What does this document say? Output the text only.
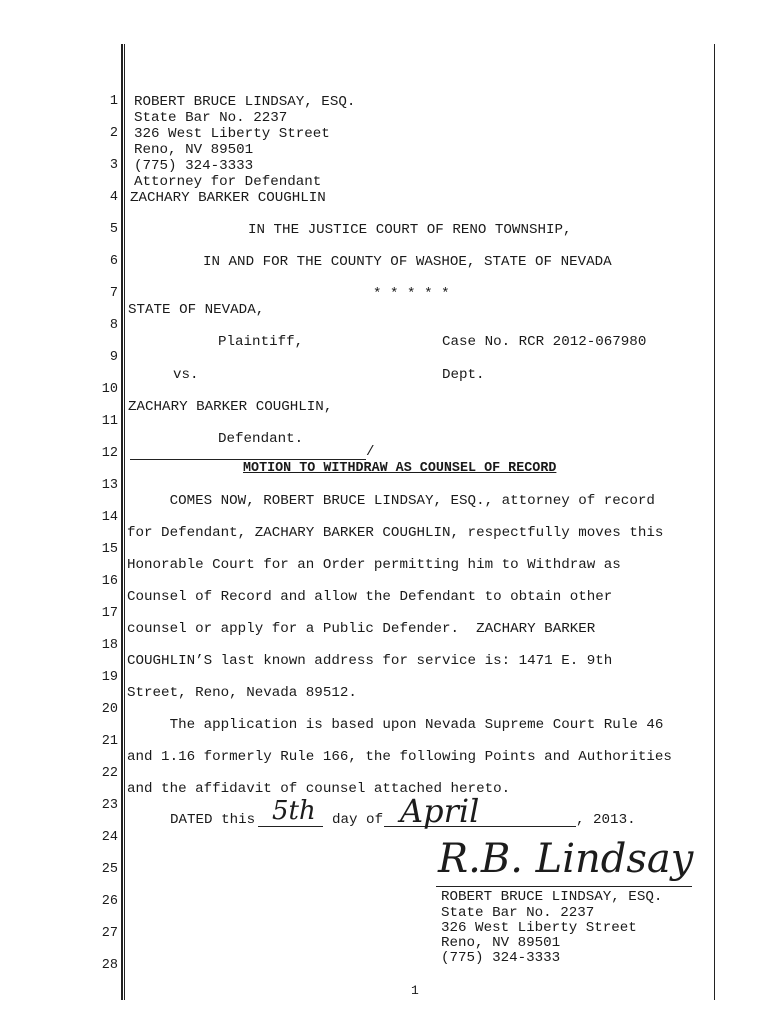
1
2
3
4
5
6
7
8
9
10
11
12
13
14
15
16
17
18
19
20
21
22
23
24
25
26
27
28
ROBERT BRUCE LINDSAY, ESQ.
State Bar No. 2237
326 West Liberty Street
Reno, NV 89501
(775) 324-3333
Attorney for Defendant
ZACHARY BARKER COUGHLIN
IN THE JUSTICE COURT OF RENO TOWNSHIP,
IN AND FOR THE COUNTY OF WASHOE, STATE OF NEVADA
* * * * *
STATE OF NEVADA,
Plaintiff,	Case No. RCR 2012-067980
vs.	Dept.
ZACHARY BARKER COUGHLIN,
Defendant.
/
MOTION TO WITHDRAW AS COUNSEL OF RECORD
COMES NOW, ROBERT BRUCE LINDSAY, ESQ., attorney of record
for Defendant, ZACHARY BARKER COUGHLIN, respectfully moves this
Honorable Court for an Order permitting him to Withdraw as
Counsel of Record and allow the Defendant to obtain other
counsel or apply for a Public Defender.  ZACHARY BARKER
COUGHLIN’S last known address for service is: 1471 E. 9th
Street, Reno, Nevada 89512.
The application is based upon Nevada Supreme Court Rule 46
and 1.16 formerly Rule 166, the following Points and Authorities
and the affidavit of counsel attached hereto.
DATED this 5th day of April	, 2013.
R.B. Lindsay
ROBERT BRUCE LINDSAY, ESQ.
State Bar No. 2237
326 West Liberty Street
Reno, NV 89501
(775) 324-3333
1
